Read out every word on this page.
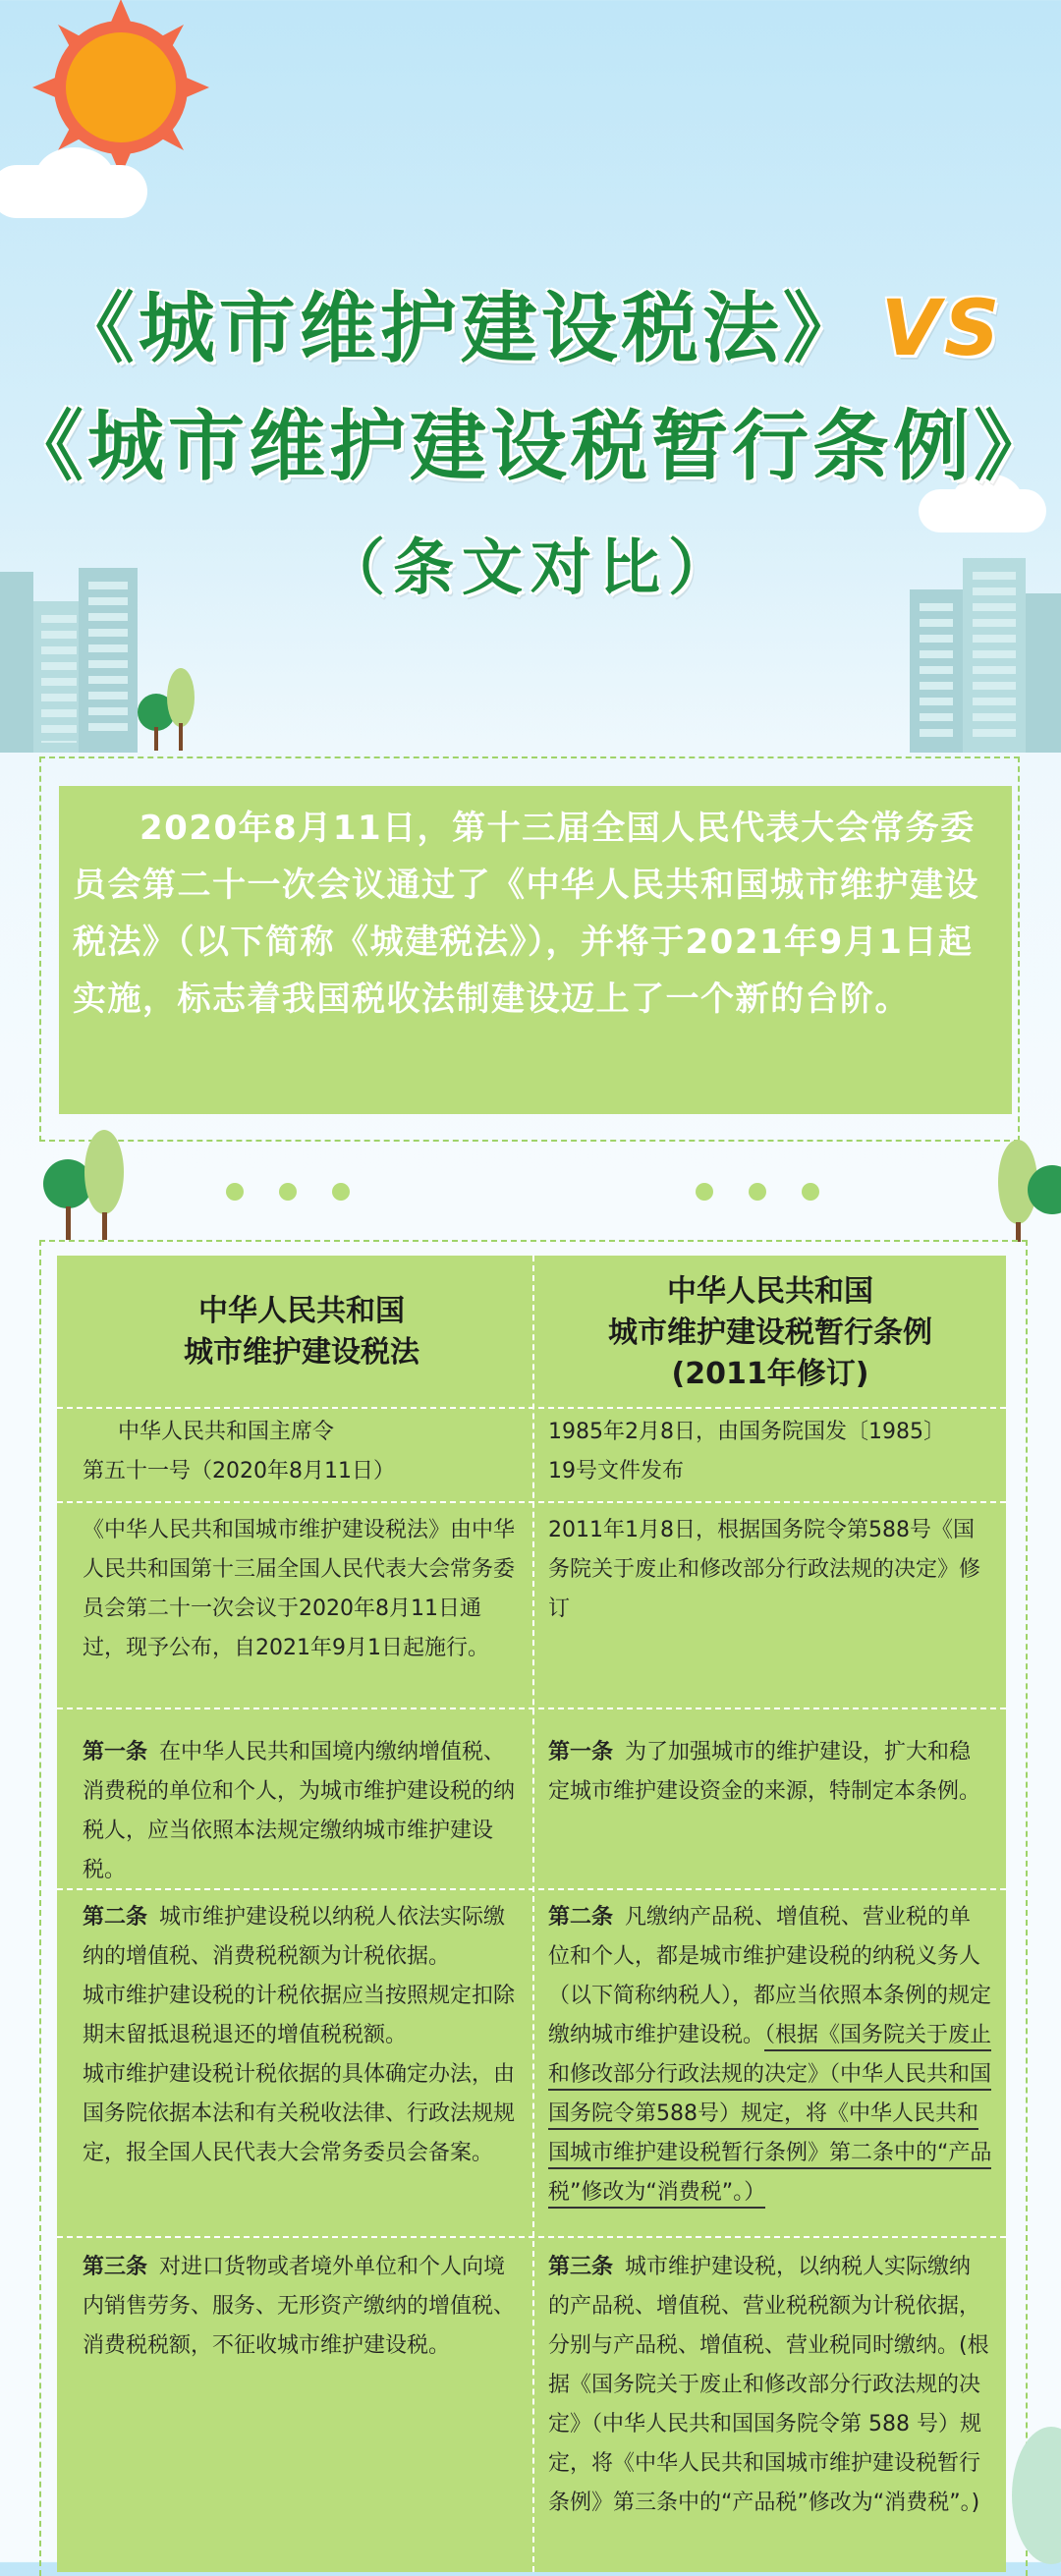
《城市维护建设税法》 VS
《城市维护建设税暂行条例》
（条文对比）
2020年8月11日，第十三届全国人民代表大会常务委员会第二十一次会议通过了《中华人民共和国城市维护建设税法》（以下简称《城建税法》），并将于2021年9月1日起实施，标志着我国税收法制建设迈上了一个新的台阶。
中华人民共和国
城市维护建设税法
中华人民共和国
城市维护建设税暂行条例
(2011年修订)
中华人民共和国主席令
第五十一号（2020年8月11日）
1985年2月8日，由国务院国发〔1985〕
19号文件发布
《中华人民共和国城市维护建设税法》由中华人民共和国第十三届全国人民代表大会常务委员会第二十一次会议于2020年8月11日通过，现予公布，自2021年9月1日起施行。
2011年1月8日，根据国务院令第588号《国务院关于废止和修改部分行政法规的决定》修订
第一条 在中华人民共和国境内缴纳增值税、消费税的单位和个人，为城市维护建设税的纳税人，应当依照本法规定缴纳城市维护建设税。
第一条 为了加强城市的维护建设，扩大和稳定城市维护建设资金的来源，特制定本条例。
第二条 城市维护建设税以纳税人依法实际缴纳的增值税、消费税税额为计税依据。
城市维护建设税的计税依据应当按照规定扣除期末留抵退税退还的增值税税额。
城市维护建设税计税依据的具体确定办法，由国务院依据本法和有关税收法律、行政法规规定，报全国人民代表大会常务委员会备案。
第二条 凡缴纳产品税、增值税、营业税的单位和个人，都是城市维护建设税的纳税义务人（以下简称纳税人），都应当依照本条例的规定缴纳城市维护建设税。（根据《国务院关于废止和修改部分行政法规的决定》（中华人民共和国国务院令第588号）规定，将《中华人民共和国城市维护建设税暂行条例》第二条中的“产品税”修改为“消费税”。）
第三条 对进口货物或者境外单位和个人向境内销售劳务、服务、无形资产缴纳的增值税、消费税税额，不征收城市维护建设税。
第三条 城市维护建设税，以纳税人实际缴纳的产品税、增值税、营业税税额为计税依据，分别与产品税、增值税、营业税同时缴纳。(根据《国务院关于废止和修改部分行政法规的决定》（中华人民共和国国务院令第 588 号）规定，将《中华人民共和国城市维护建设税暂行条例》第三条中的“产品税”修改为“消费税”。)
